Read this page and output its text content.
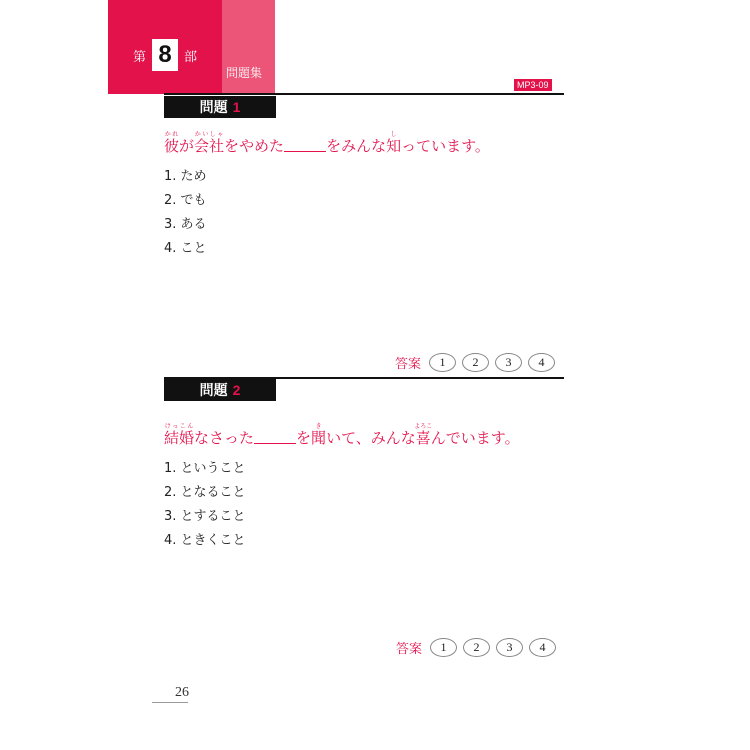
第 8 部
問題集
MP3-09
問題 1
彼かれが会社かいしゃをやめた	をみんな知しっています。
1. ため
2. でも
3. ある
4. こと
答案	1	2	3	4
問題 2
結婚けっこんなさった	を聞きいて、みんな喜よろこんでいます。
1. ということ
2. となること
3. とすること
4. ときくこと
答案	1	2	3	4
26
